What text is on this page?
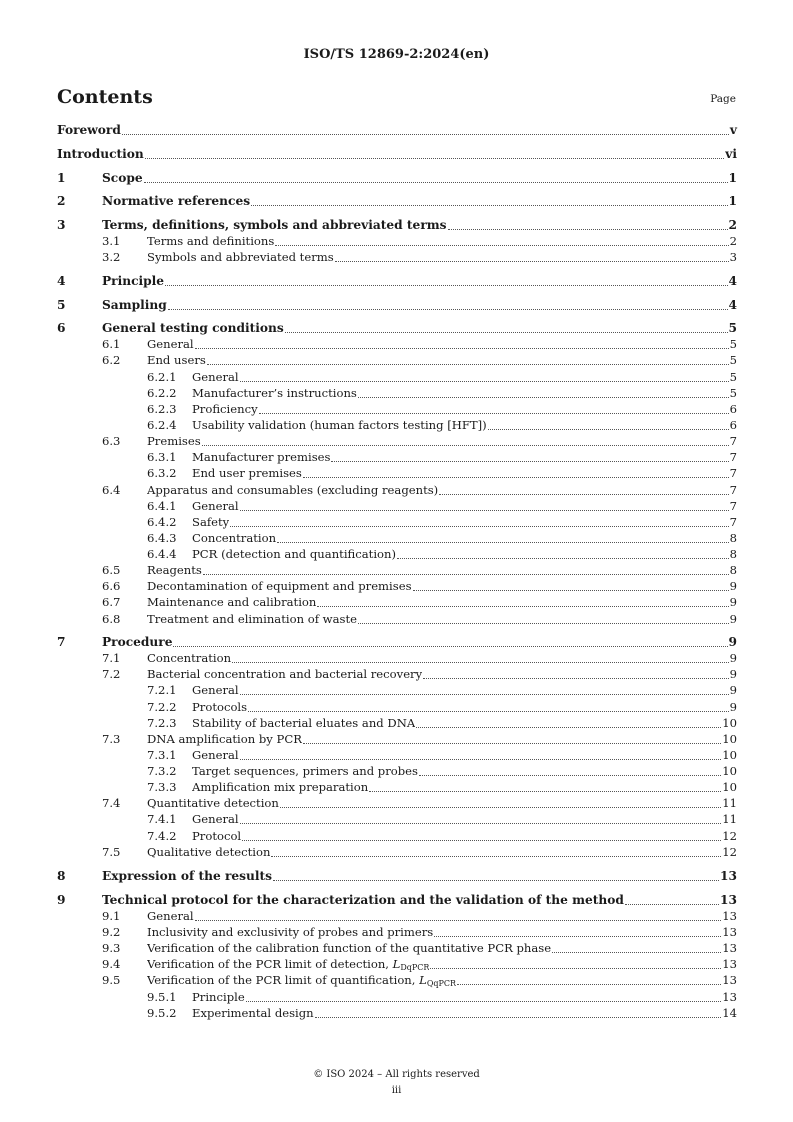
ISO/TS 12869-2:2024(en)
Contents	Page
Foreword	v
Introduction	vi
1	Scope	1
2	Normative references	1
3	Terms, definitions, symbols and abbreviated terms	2
3.1	Terms and definitions	2
3.2	Symbols and abbreviated terms	3
4	Principle	4
5	Sampling	4
6	General testing conditions	5
6.1	General	5
6.2	End users	5
6.2.1	General	5
6.2.2	Manufacturer’s instructions	5
6.2.3	Proficiency	6
6.2.4	Usability validation (human factors testing [HFT])	6
6.3	Premises	7
6.3.1	Manufacturer premises	7
6.3.2	End user premises	7
6.4	Apparatus and consumables (excluding reagents)	7
6.4.1	General	7
6.4.2	Safety	7
6.4.3	Concentration	8
6.4.4	PCR (detection and quantification)	8
6.5	Reagents	8
6.6	Decontamination of equipment and premises	9
6.7	Maintenance and calibration	9
6.8	Treatment and elimination of waste	9
7	Procedure	9
7.1	Concentration	9
7.2	Bacterial concentration and bacterial recovery	9
7.2.1	General	9
7.2.2	Protocols	9
7.2.3	Stability of bacterial eluates and DNA	10
7.3	DNA amplification by PCR	10
7.3.1	General	10
7.3.2	Target sequences, primers and probes	10
7.3.3	Amplification mix preparation	10
7.4	Quantitative detection	11
7.4.1	General	11
7.4.2	Protocol	12
7.5	Qualitative detection	12
8	Expression of the results	13
9	Technical protocol for the characterization and the validation of the method	13
9.1	General	13
9.2	Inclusivity and exclusivity of probes and primers	13
9.3	Verification of the calibration function of the quantitative PCR phase	13
9.4	Verification of the PCR limit of detection, $L_{DqPCR}$	13
9.5	Verification of the PCR limit of quantification, $L_{QqPCR}$	13
9.5.1	Principle	13
9.5.2	Experimental design	14
© ISO 2024 – All rights reserved
iii
